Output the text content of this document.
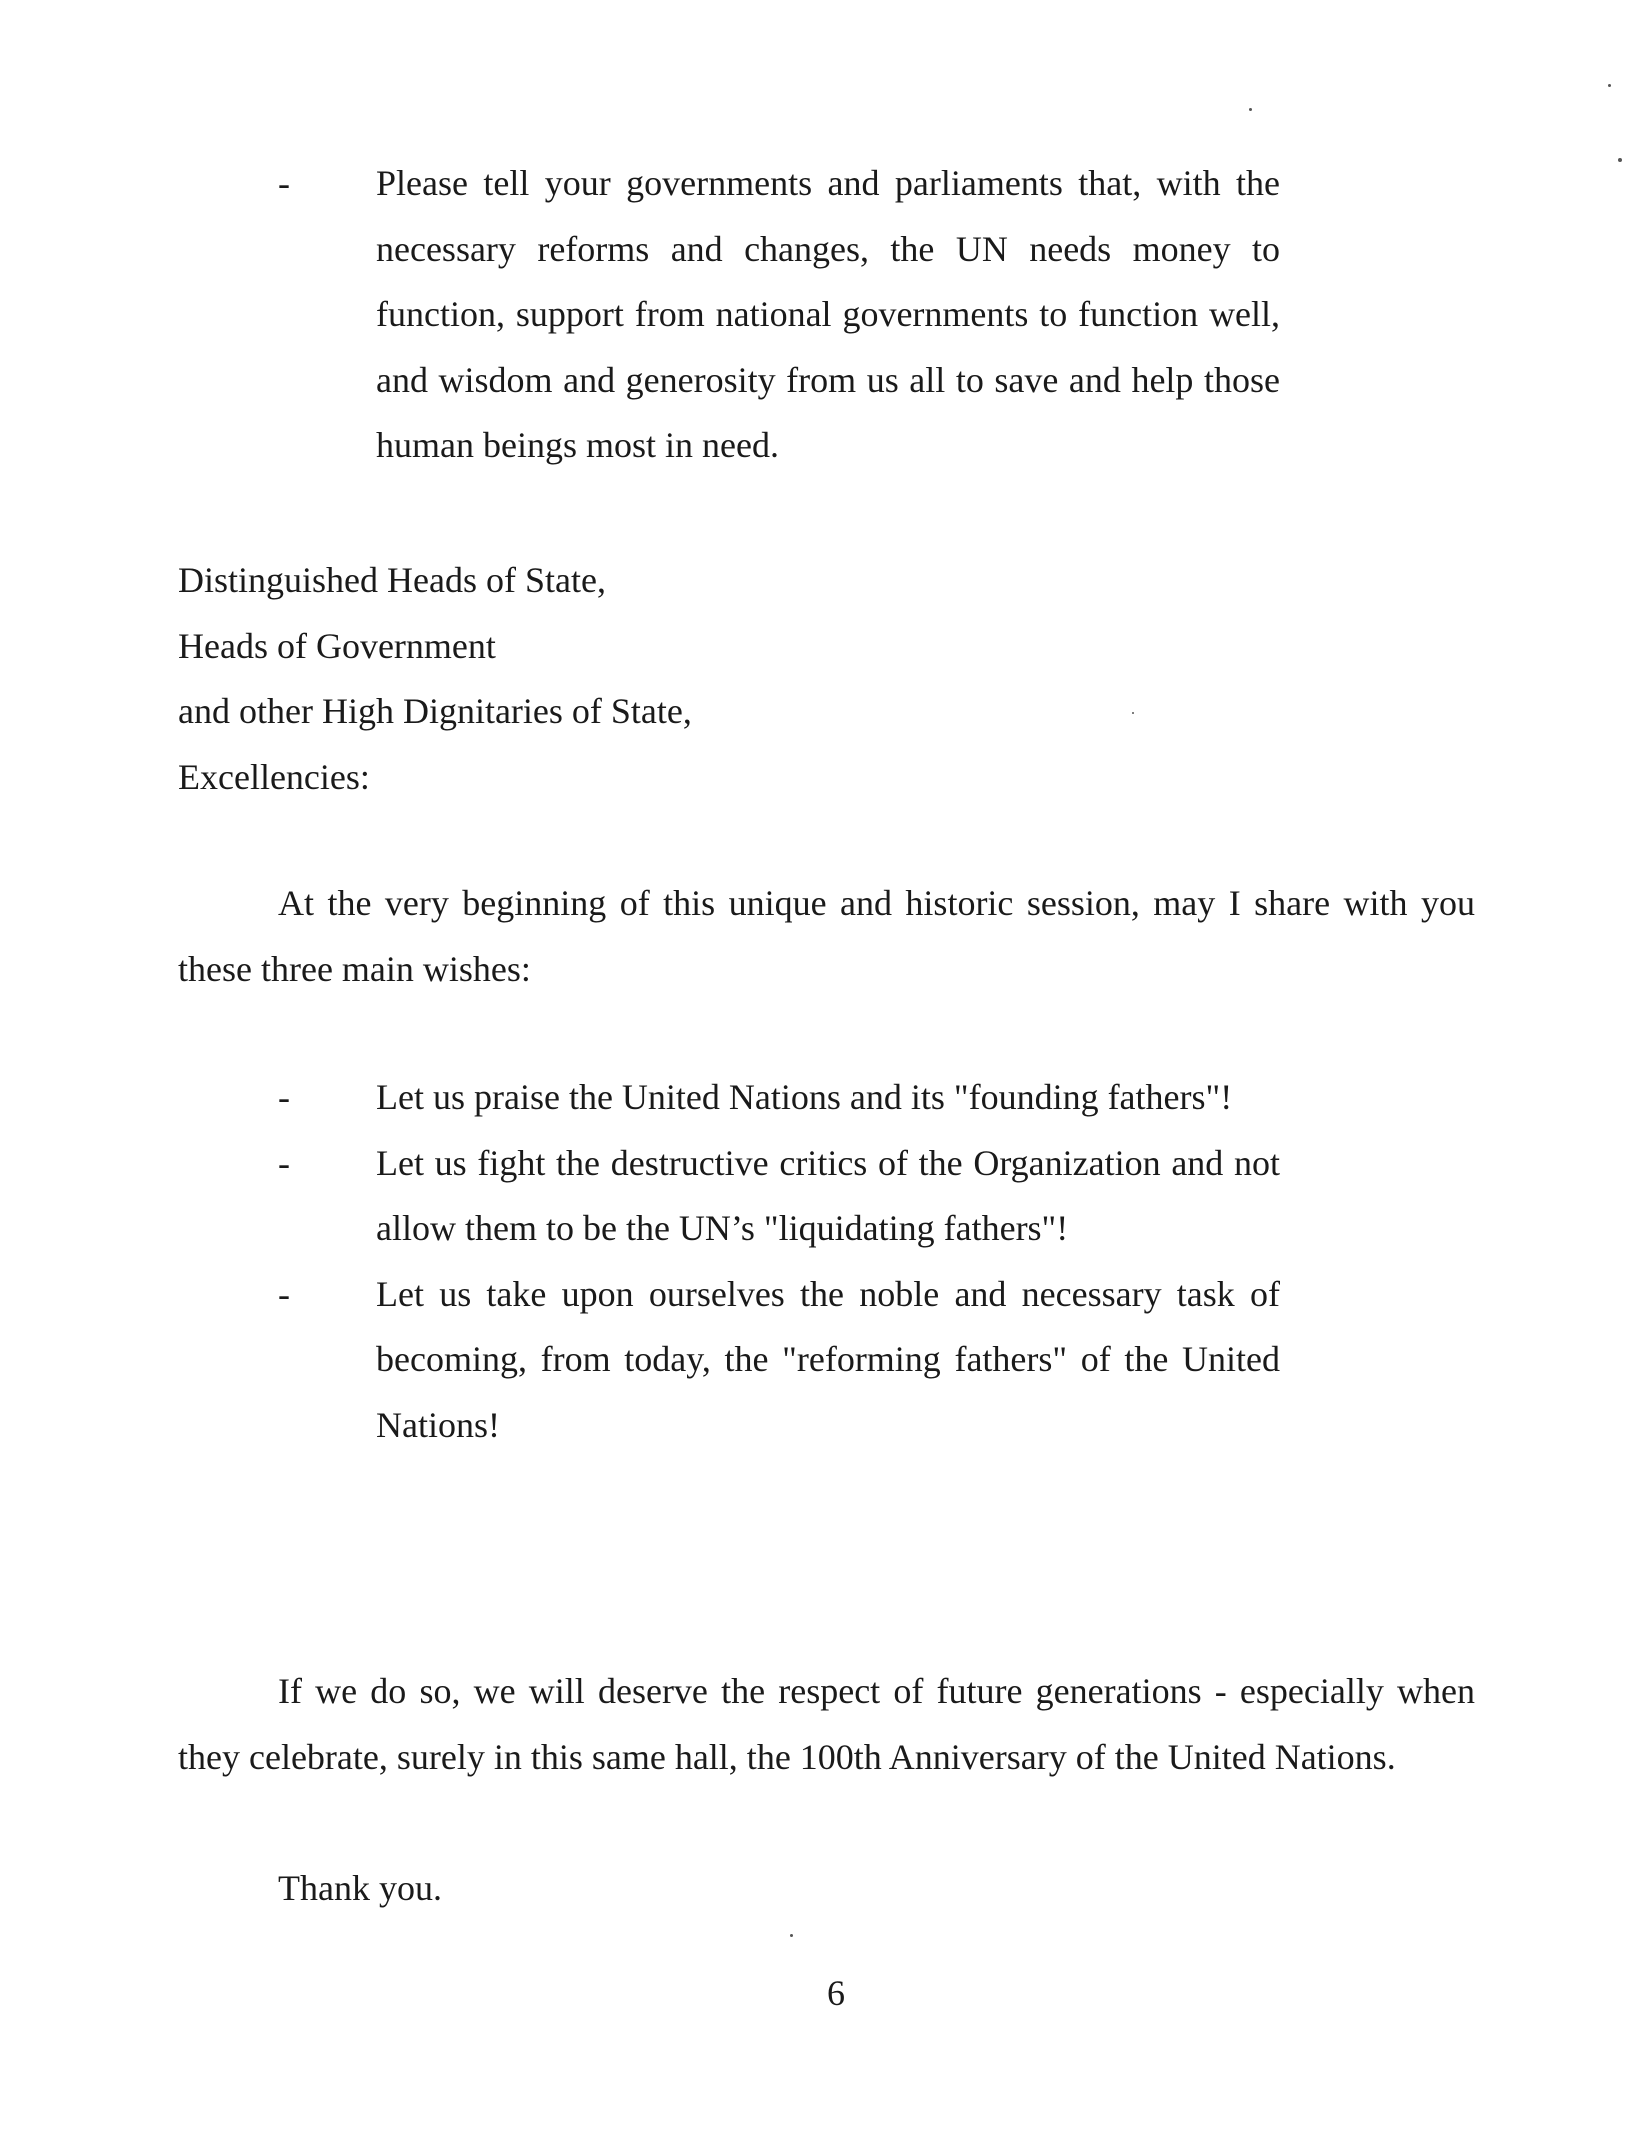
- Please tell your governments and parliaments that, with the necessary reforms and changes, the UN needs money to function, support from national governments to function well, and wisdom and generosity from us all to save and help those human beings most in need.

Distinguished Heads of State,
Heads of Government
and other High Dignitaries of State,
Excellencies:

At the very beginning of this unique and historic session, may I share with you these three main wishes:

- Let us praise the United Nations and its "founding fathers"!

- Let us fight the destructive critics of the Organization and not allow them to be the UN’s "liquidating fathers"!

- Let us take upon ourselves the noble and necessary task of becoming, from today, the "reforming fathers" of the United Nations!

If we do so, we will deserve the respect of future generations - especially when they celebrate, surely in this same hall, the 100th Anniversary of the United Nations.

Thank you.
6
